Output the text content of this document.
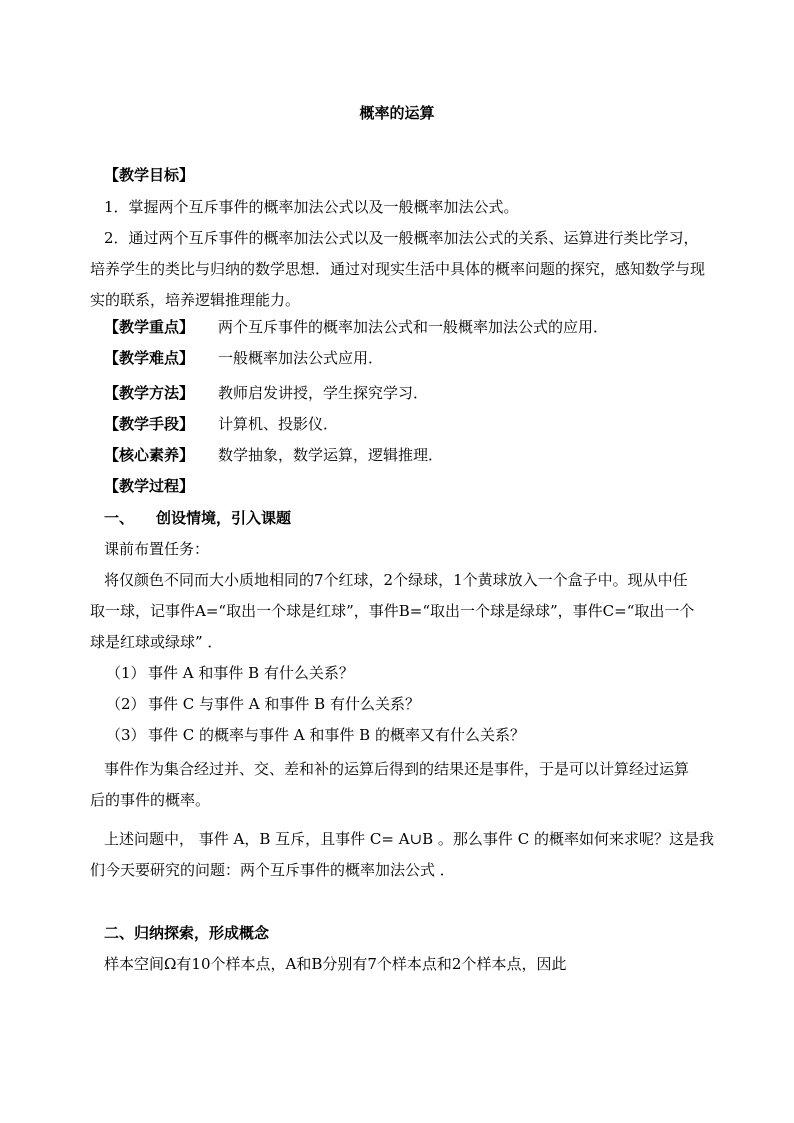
概率的运算
【教学目标】
1．掌握两个互斥事件的概率加法公式以及一般概率加法公式。
2．通过两个互斥事件的概率加法公式以及一般概率加法公式的关系、运算进行类比学习，
培养学生的类比与归纳的数学思想．通过对现实生活中具体的概率问题的探究，感知数学与现
实的联系，培养逻辑推理能力。
【教学重点】 两个互斥事件的概率加法公式和一般概率加法公式的应用．
【教学难点】 一般概率加法公式应用．
【教学方法】 教师启发讲授，学生探究学习．
【教学手段】 计算机、投影仪．
【核心素养】 数学抽象，数学运算，逻辑推理．
【教学过程】
一、 创设情境，引入课题
课前布置任务：
将仅颜色不同而大小质地相同的7个红球，2个绿球，1个黄球放入一个盒子中。现从中任
取一球，记事件A=“取出一个球是红球”，事件B=“取出一个球是绿球”，事件C=“取出一个
球是红球或绿球” ．
（1） 事件 A 和事件 B 有什么关系？
（2） 事件 C 与事件 A 和事件 B 有什么关系？
（3） 事件 C 的概率与事件 A 和事件 B 的概率又有什么关系？
事件作为集合经过并、交、差和补的运算后得到的结果还是事件，于是可以计算经过运算
后的事件的概率。
上述问题中， 事件 A，B 互斥，且事件 C= A∪B 。那么事件 C 的概率如何来求呢？这是我
们今天要研究的问题：两个互斥事件的概率加法公式 ．
二、归纳探索，形成概念
样本空间Ω有10个样本点，A和B分别有7个样本点和2个样本点，因此
